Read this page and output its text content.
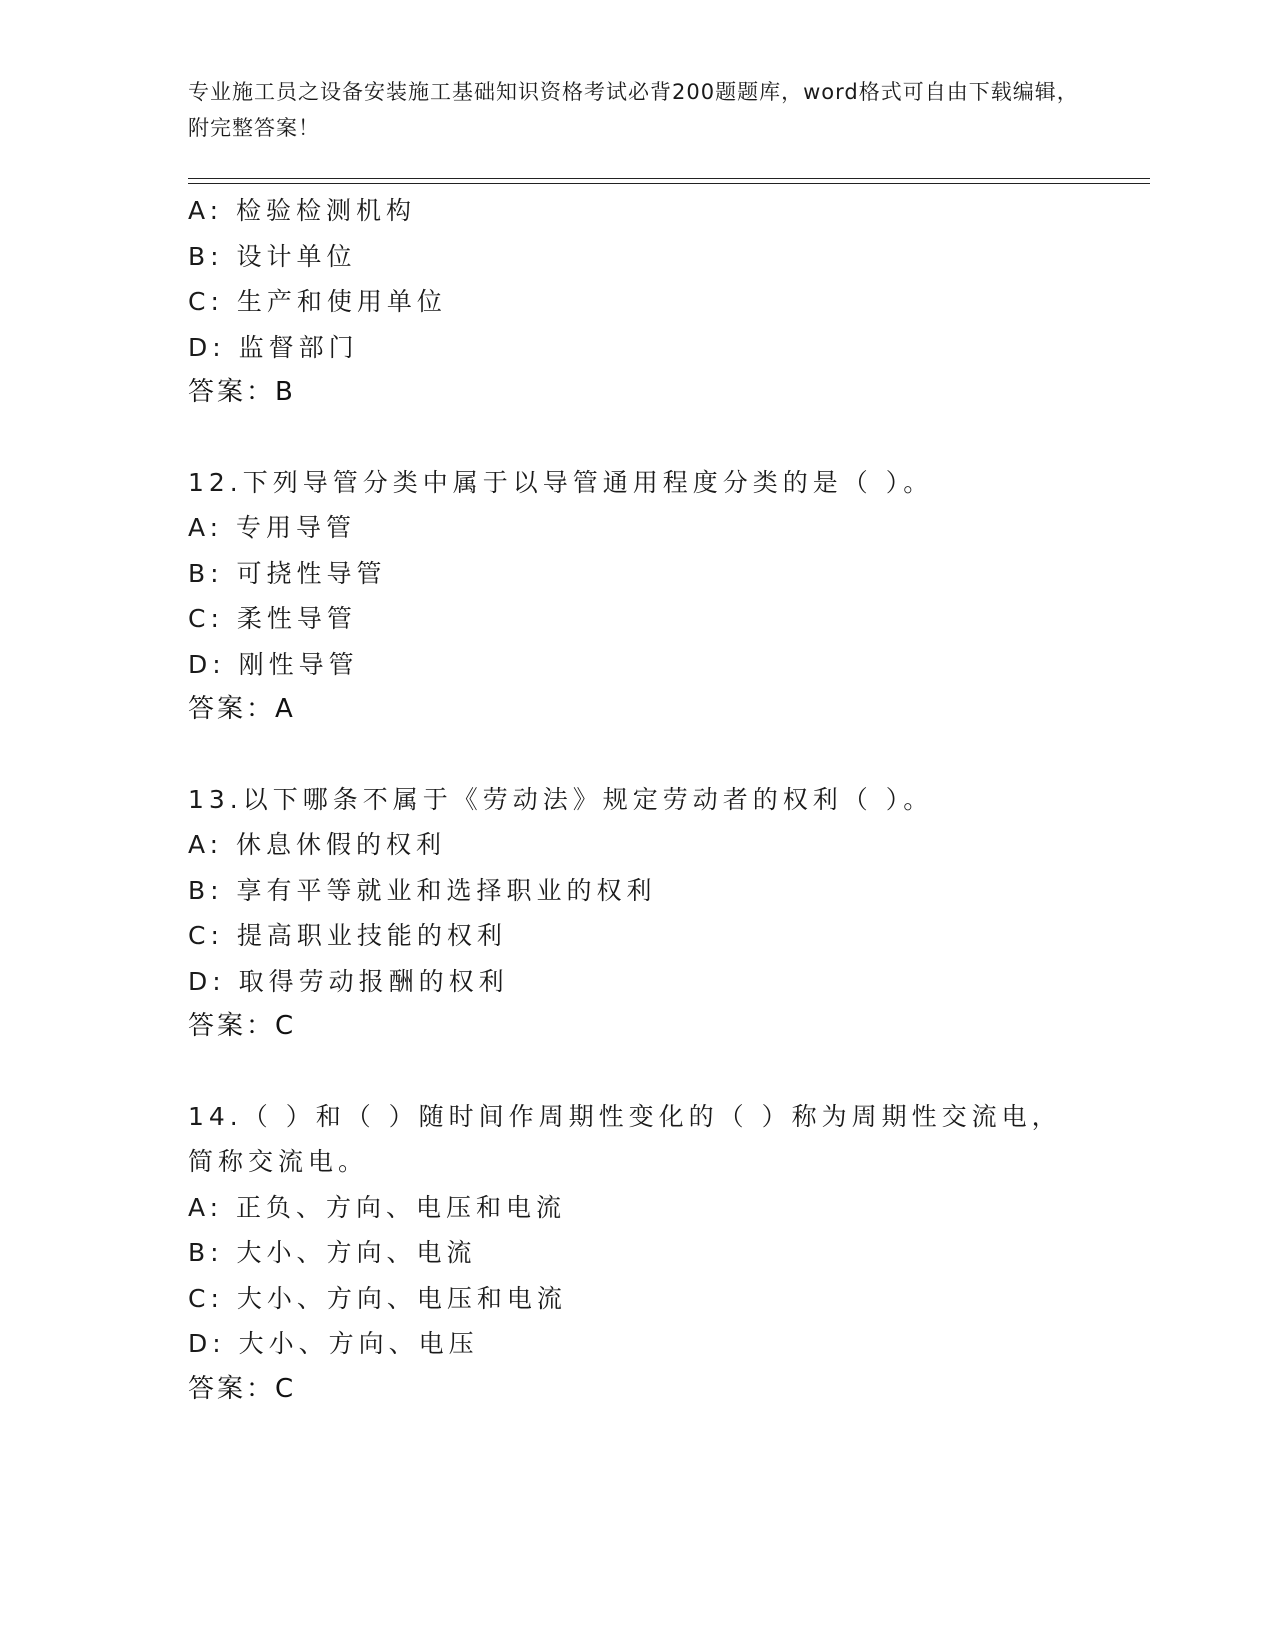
专业施工员之设备安装施工基础知识资格考试必背200题题库，word格式可自由下载编辑，附完整答案！
A: 检验检测机构
B: 设计单位
C: 生产和使用单位
D: 监督部门
答案：B
12.下列导管分类中属于以导管通用程度分类的是（ ）。
A: 专用导管
B: 可挠性导管
C: 柔性导管
D: 刚性导管
答案：A
13.以下哪条不属于《劳动法》规定劳动者的权利（ ）。
A: 休息休假的权利
B: 享有平等就业和选择职业的权利
C: 提高职业技能的权利
D: 取得劳动报酬的权利
答案：C
14.（ ）和（ ）随时间作周期性变化的（ ）称为周期性交流电，简称交流电。
A: 正负、方向、电压和电流
B: 大小、方向、电流
C: 大小、方向、电压和电流
D: 大小、方向、电压
答案：C
